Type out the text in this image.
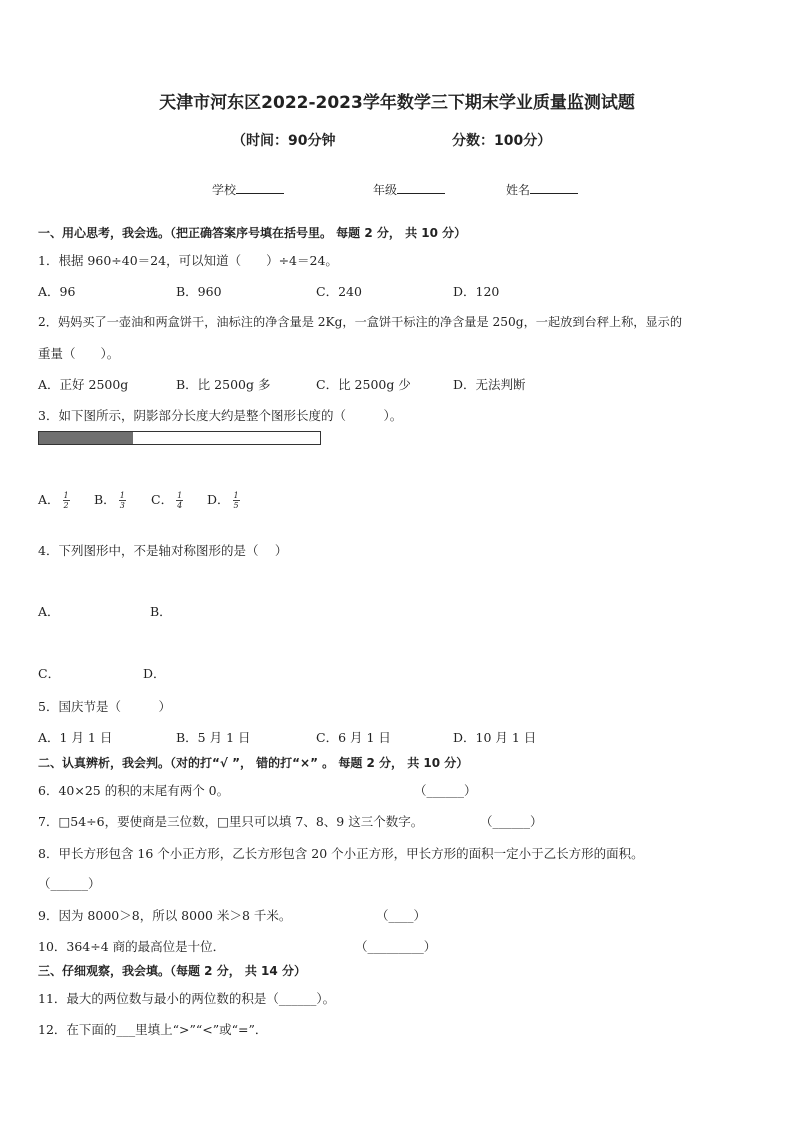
天津市河东区2022-2023学年数学三下期末学业质量监测试题
（时间：90分钟	分数：100分）
学校	年级	姓名
一、用心思考，我会选。（把正确答案序号填在括号里。 每题 2 分， 共 10 分）
1．根据 960÷40＝24，可以知道（　　）÷4＝24。
A．96	B．960	C．240	D．120
2．妈妈买了一壶油和两盒饼干，油标注的净含量是 2Kg，一盒饼干标注的净含量是 250g，一起放到台秤上称，显示的
重量（　　）。
A．正好 2500g	B．比 2500g 多	C．比 2500g 少	D．无法判断
3．如下图所示，阴影部分长度大约是整个图形长度的（　　　）。
A． $\frac{1}{2}$ B． $\frac{1}{3}$ C． $\frac{1}{4}$ D． $\frac{1}{5}$
4．下列图形中，不是轴对称图形的是（　 ）
A．	B．
C．	D．
5．国庆节是（　　　）
A．1 月 1 日	B．5 月 1 日	C．6 月 1 日	D．10 月 1 日
二、认真辨析，我会判。（对的打“√ ”， 错的打“×” 。 每题 2 分， 共 10 分）
6．40×25 的积的末尾有两个 0。	（______）
7．□54÷6，要使商是三位数，□里只可以填 7、8、9 这三个数字。	（______）
8．甲长方形包含 16 个小正方形，乙长方形包含 20 个小正方形，甲长方形的面积一定小于乙长方形的面积。
（______）
9．因为 8000＞8，所以 8000 米＞8 千米。	（____）
10．364÷4 商的最高位是十位．	（_________）
三、仔细观察，我会填。（每题 2 分， 共 14 分）
11．最大的两位数与最小的两位数的积是（______）。
12．在下面的___里填上“>”“<”或“=”．
